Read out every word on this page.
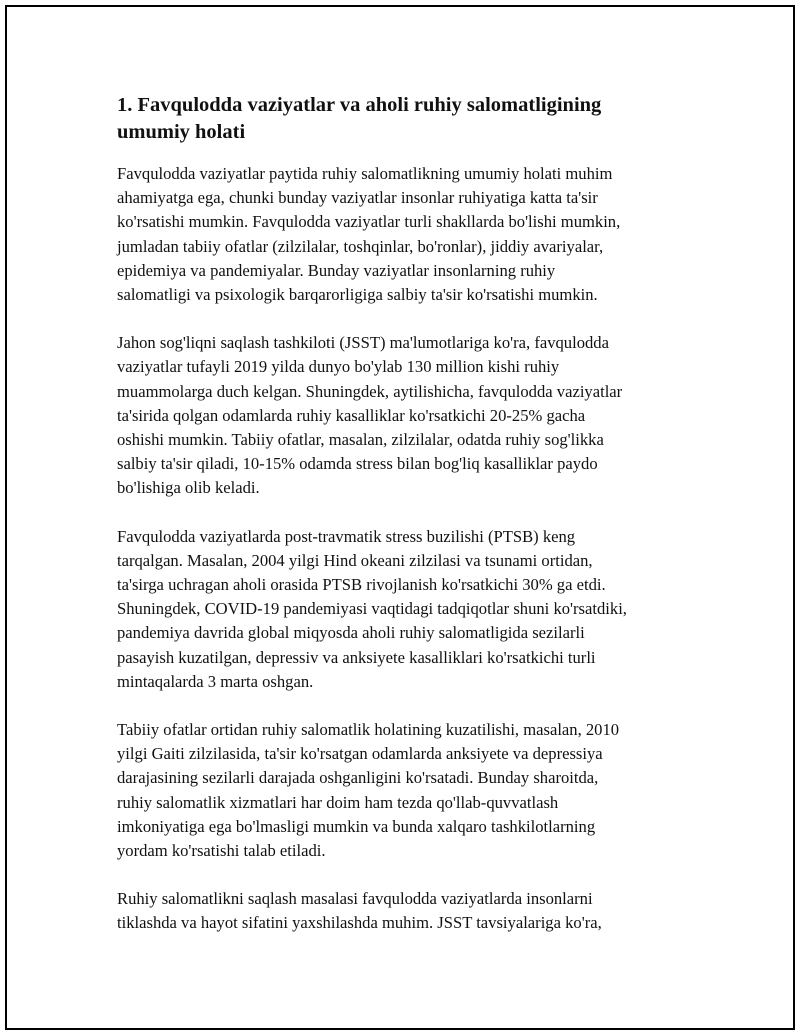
1. Favqulodda vaziyatlar va aholi ruhiy salomatligining
umumiy holati

Favqulodda vaziyatlar paytida ruhiy salomatlikning umumiy holati muhim
ahamiyatga ega, chunki bunday vaziyatlar insonlar ruhiyatiga katta ta'sir
ko'rsatishi mumkin. Favqulodda vaziyatlar turli shakllarda bo'lishi mumkin,
jumladan tabiiy ofatlar (zilzilalar, toshqinlar, bo'ronlar), jiddiy avariyalar,
epidemiya va pandemiyalar. Bunday vaziyatlar insonlarning ruhiy
salomatligi va psixologik barqarorligiga salbiy ta'sir ko'rsatishi mumkin.

Jahon sog'liqni saqlash tashkiloti (JSST) ma'lumotlariga ko'ra, favqulodda
vaziyatlar tufayli 2019 yilda dunyo bo'ylab 130 million kishi ruhiy
muammolarga duch kelgan. Shuningdek, aytilishicha, favqulodda vaziyatlar
ta'sirida qolgan odamlarda ruhiy kasalliklar ko'rsatkichi 20-25% gacha
oshishi mumkin. Tabiiy ofatlar, masalan, zilzilalar, odatda ruhiy sog'likka
salbiy ta'sir qiladi, 10-15% odamda stress bilan bog'liq kasalliklar paydo
bo'lishiga olib keladi.

Favqulodda vaziyatlarda post-travmatik stress buzilishi (PTSB) keng
tarqalgan. Masalan, 2004 yilgi Hind okeani zilzilasi va tsunami ortidan,
ta'sirga uchragan aholi orasida PTSB rivojlanish ko'rsatkichi 30% ga etdi.
Shuningdek, COVID-19 pandemiyasi vaqtidagi tadqiqotlar shuni ko'rsatdiki,
pandemiya davrida global miqyosda aholi ruhiy salomatligida sezilarli
pasayish kuzatilgan, depressiv va anksiyete kasalliklari ko'rsatkichi turli
mintaqalarda 3 marta oshgan.

Tabiiy ofatlar ortidan ruhiy salomatlik holatining kuzatilishi, masalan, 2010
yilgi Gaiti zilzilasida, ta'sir ko'rsatgan odamlarda anksiyete va depressiya
darajasining sezilarli darajada oshganligini ko'rsatadi. Bunday sharoitda,
ruhiy salomatlik xizmatlari har doim ham tezda qo'llab-quvvatlash
imkoniyatiga ega bo'lmasligi mumkin va bunda xalqaro tashkilotlarning
yordam ko'rsatishi talab etiladi.

Ruhiy salomatlikni saqlash masalasi favqulodda vaziyatlarda insonlarni
tiklashda va hayot sifatini yaxshilashda muhim. JSST tavsiyalariga ko'ra,
